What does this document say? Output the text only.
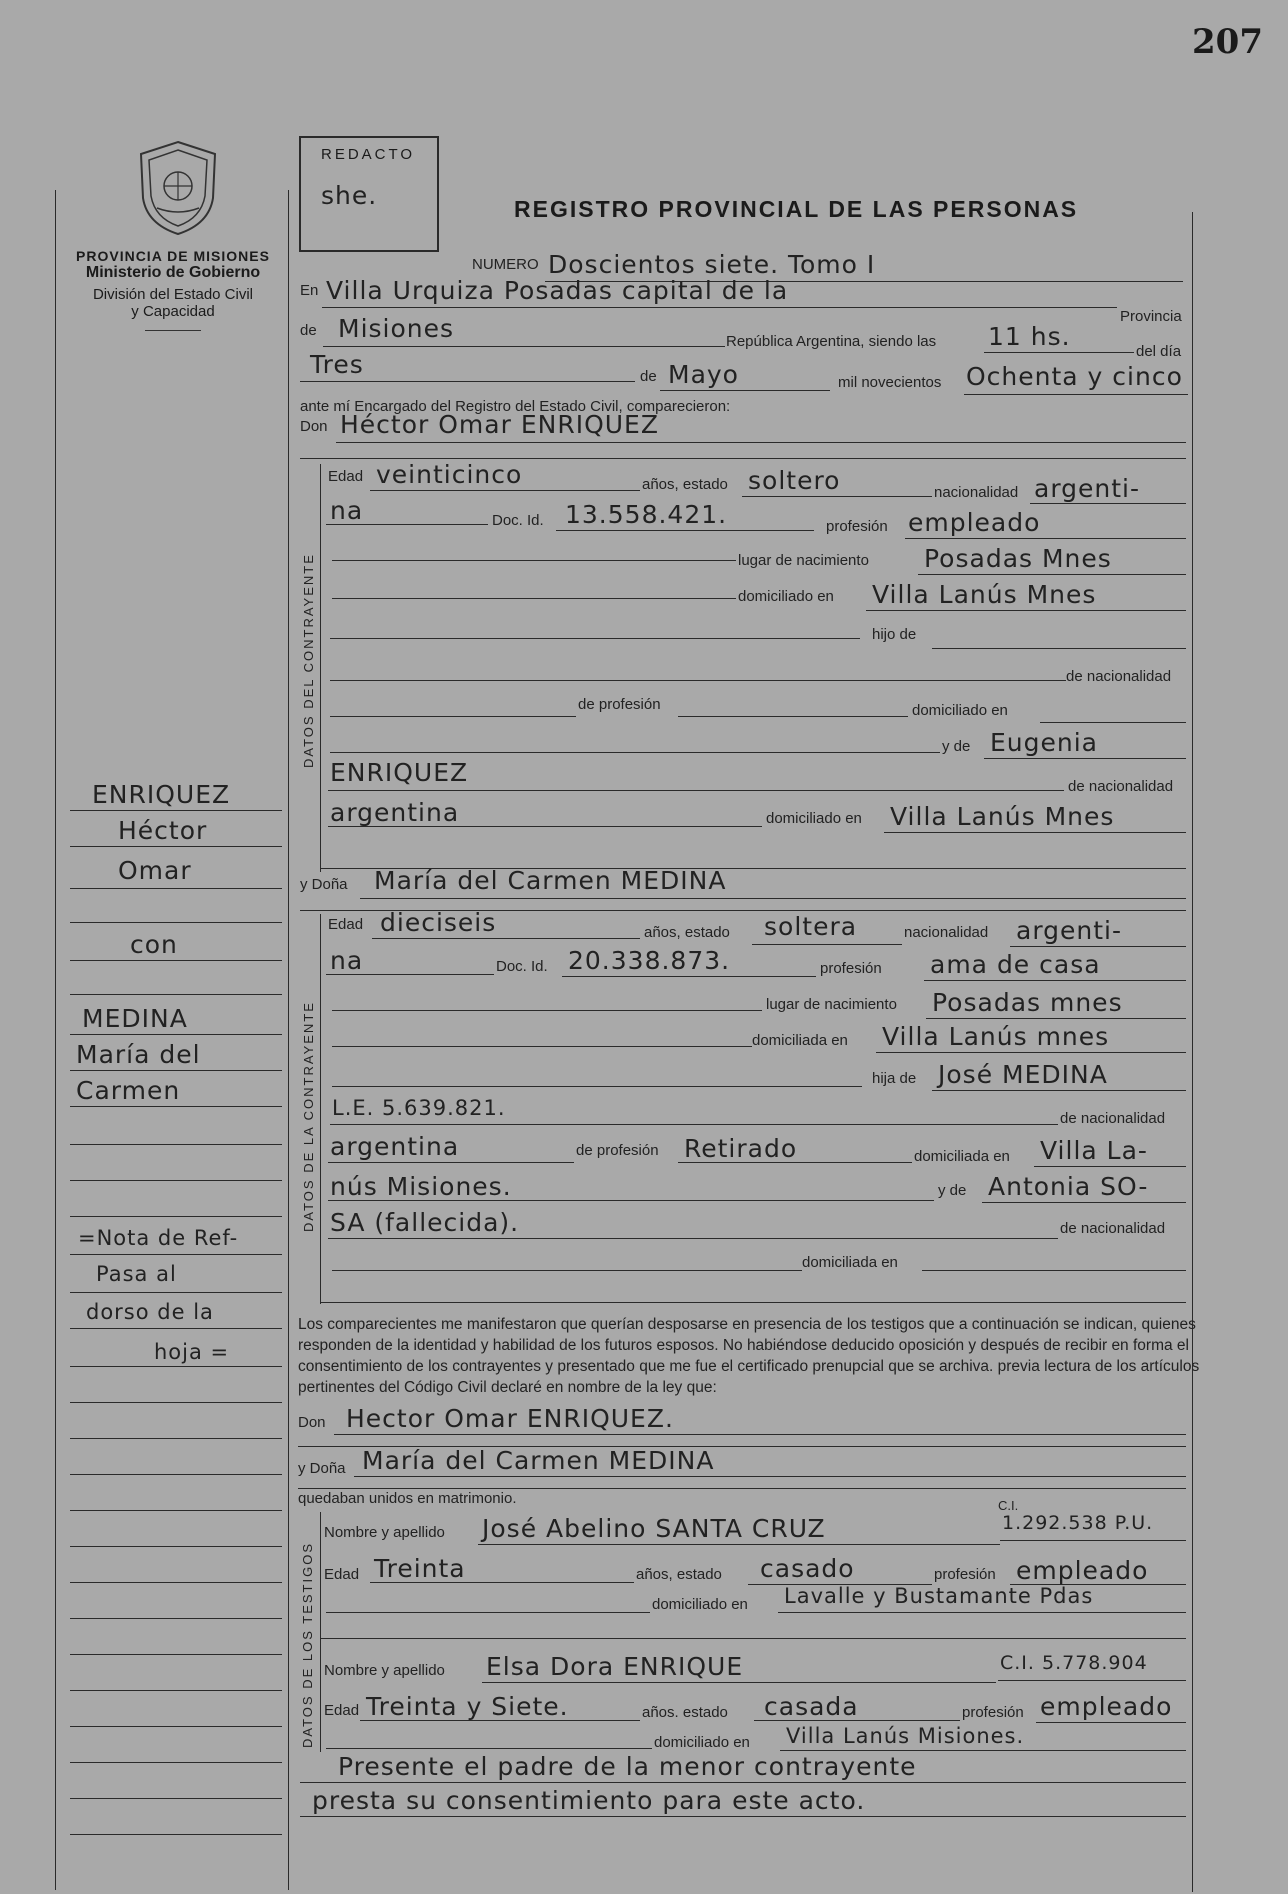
207
PROVINCIA DE MISIONES
Ministerio de Gobierno
División del Estado Civil
y Capacidad
REDACTO
she.	REGISTRO PROVINCIAL DE LAS PERSONAS
NUMERO Doscientos siete. Tomo I
En Villa Urquiza Posadas capital de la
Provincia
de Misiones	República Argentina, siendo las 11 hs.
del día
Tres	de Mayo	mil novecientos Ochenta y cinco
ante mí Encargado del Registro del Estado Civil, comparecieron:
Don Héctor Omar ENRIQUEZ
DATOS DEL CONTRAYENTE
Edad veinticinco	años, estado soltero	nacionalidad argenti-
na	Doc. Id. 13.558.421.	profesión empleado
lugar de nacimiento Posadas Mnes
domiciliado en Villa Lanús Mnes
hijo de
de nacionalidad
de profesión	domiciliado en
y de Eugenia
ENRIQUEZ	de nacionalidad
argentina	domiciliado en Villa Lanús Mnes
y Doña María del Carmen MEDINA
DATOS DE LA CONTRAYENTE
Edad dieciseis	años, estado soltera	nacionalidad argenti-
na	Doc. Id. 20.338.873.	profesión ama de casa
lugar de nacimiento Posadas mnes
domiciliada en Villa Lanús mnes
hija de José MEDINA
L.E. 5.639.821.	de nacionalidad
argentina	de profesión Retirado	domiciliada en Villa La-
nús Misiones.	y de Antonia SO-
SA (fallecida).	de nacionalidad
domiciliada en
Los comparecientes me manifestaron que querían desposarse en presencia de los testigos que a continuación se indican, quienes responden de la identidad y habilidad de los futuros esposos. No habiéndose deducido oposición y después de recibir en forma el consentimiento de los contrayentes y presentado que me fue el certificado prenupcial que se archiva. previa lectura de los artículos pertinentes del Código Civil declaré en nombre de la ley que:
Don Hector Omar ENRIQUEZ.
y Doña María del Carmen MEDINA
quedaban unidos en matrimonio.
DATOS DE LOS TESTIGOS
Nombre y apellido José Abelino SANTA CRUZ
C.I.
1.292.538 P.U.
Edad Treinta	años, estado casado	profesión empleado
domiciliado en Lavalle y Bustamante Pdas
Nombre y apellido Elsa Dora ENRIQUE	C.I. 5.778.904
Edad Treinta y Siete.	años. estado casada	profesión empleado
domiciliado en Villa Lanús Misiones.
Presente el padre de la menor contrayente
presta su consentimiento para este acto.
ENRIQUEZ
Héctor
Omar
con
MEDINA
María del
Carmen
=Nota de Ref-
Pasa al
dorso de la
hoja =
